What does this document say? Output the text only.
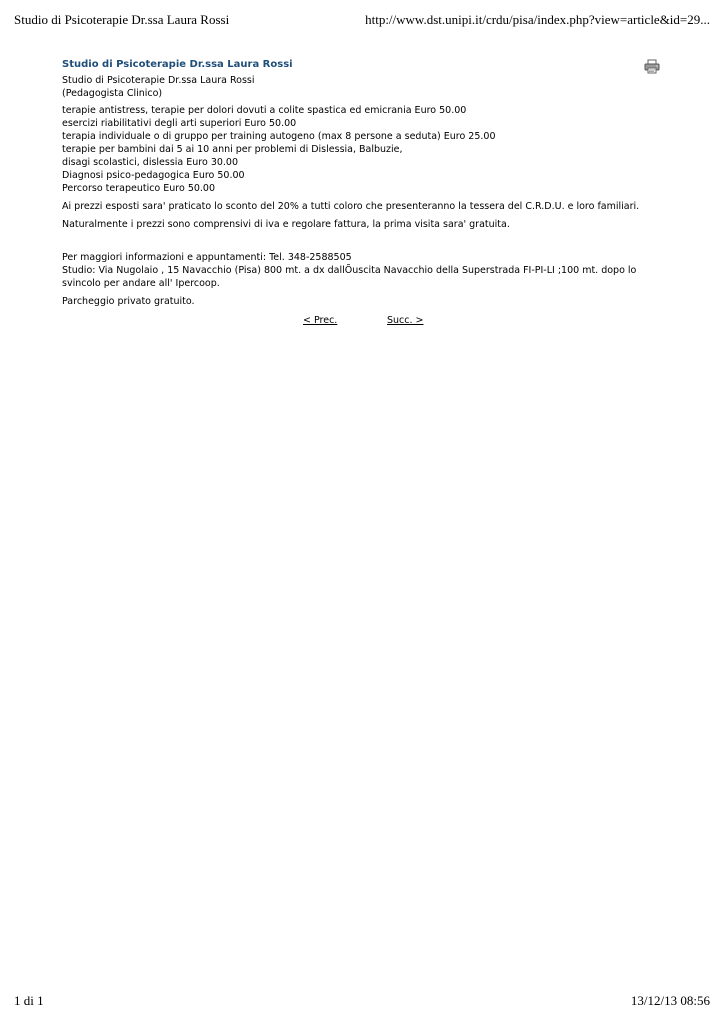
Studio di Psicoterapie Dr.ssa Laura Rossi	http://www.dst.unipi.it/crdu/pisa/index.php?view=article&id=29...
Studio di Psicoterapie Dr.ssa Laura Rossi
Studio di Psicoterapie Dr.ssa Laura Rossi
(Pedagogista Clinico)
terapie antistress, terapie per dolori dovuti a colite spastica ed emicrania Euro 50.00
esercizi riabilitativi degli arti superiori Euro 50.00
terapia individuale o di gruppo per training autogeno (max 8 persone a seduta) Euro 25.00
terapie per bambini dai 5 ai 10 anni per problemi di Dislessia, Balbuzie,
disagi scolastici, dislessia Euro 30.00
Diagnosi psico-pedagogica Euro 50.00
Percorso terapeutico Euro 50.00

Ai prezzi esposti sara' praticato lo sconto del 20% a tutti coloro che presenteranno la tessera del C.R.D.U. e loro familiari.

Naturalmente i prezzi sono comprensivi di iva e regolare fattura, la prima visita sara' gratuita.

Per maggiori informazioni e appuntamenti: Tel. 348-2588505
Studio: Via Nugolaio , 15 Navacchio (Pisa) 800 mt. a dx dallÕuscita Navacchio della Superstrada FI-PI-LI ;100 mt. dopo lo svincolo per andare all' Ipercoop.

Parcheggio privato gratuito.

< Prec.	Succ. >
1 di 1	13/12/13 08:56
